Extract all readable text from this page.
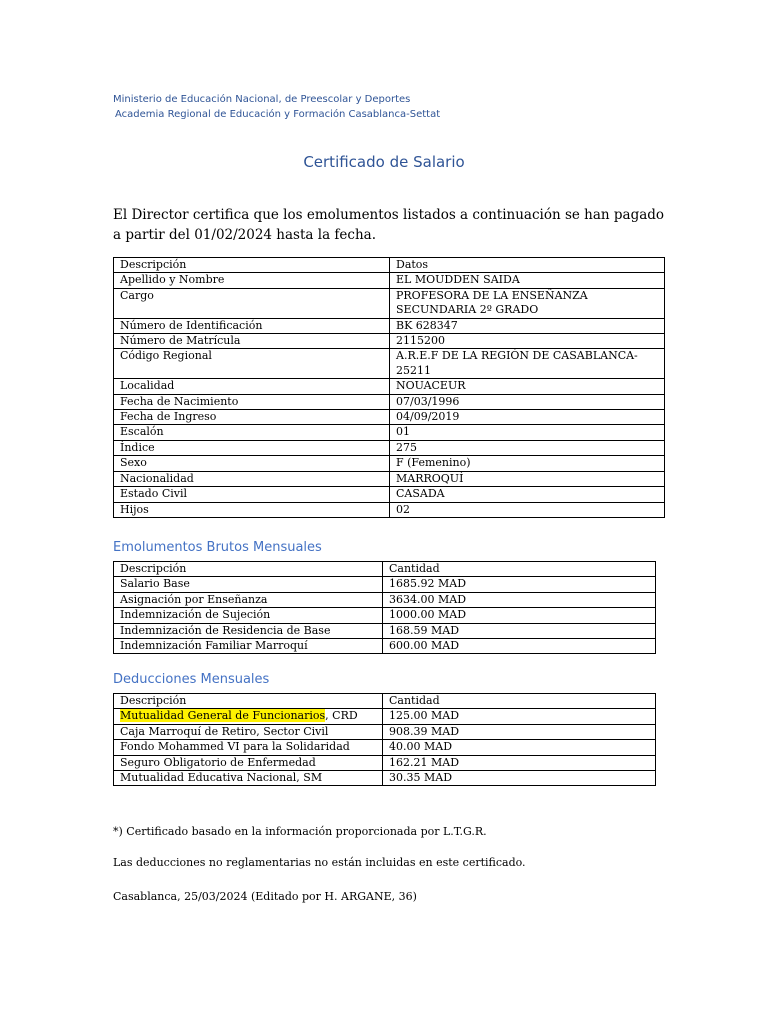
Ministerio de Educación Nacional, de Preescolar y Deportes
Academia Regional de Educación y Formación Casablanca-Settat
Certificado de Salario
El Director certifica que los emolumentos listados a continuación se han pagado a partir del 01/02/2024 hasta la fecha.
Descripción	Datos
Apellido y Nombre	EL MOUDDEN SAIDA
Cargo	PROFESORA DE LA ENSEÑANZA SECUNDARIA 2º GRADO
Número de Identificación	BK 628347
Número de Matrícula	2115200
Código Regional	A.R.E.F DE LA REGIÓN DE CASABLANCA- 25211
Localidad	NOUACEUR
Fecha de Nacimiento	07/03/1996
Fecha de Ingreso	04/09/2019
Escalón	01
Índice	275
Sexo	F (Femenino)
Nacionalidad	MARROQUÍ
Estado Civil	CASADA
Hijos	02
Emolumentos Brutos Mensuales
Descripción	Cantidad
Salario Base	1685.92 MAD
Asignación por Enseñanza	3634.00 MAD
Indemnización de Sujeción	1000.00 MAD
Indemnización de Residencia de Base	168.59 MAD
Indemnización Familiar Marroquí	600.00 MAD
Deducciones Mensuales
Descripción	Cantidad
Mutualidad General de Funcionarios, CRD	125.00 MAD
Caja Marroquí de Retiro, Sector Civil	908.39 MAD
Fondo Mohammed VI para la Solidaridad	40.00 MAD
Seguro Obligatorio de Enfermedad	162.21 MAD
Mutualidad Educativa Nacional, SM	30.35 MAD
*) Certificado basado en la información proporcionada por L.T.G.R.
Las deducciones no reglamentarias no están incluidas en este certificado.
Casablanca, 25/03/2024 (Editado por H. ARGANE, 36)
